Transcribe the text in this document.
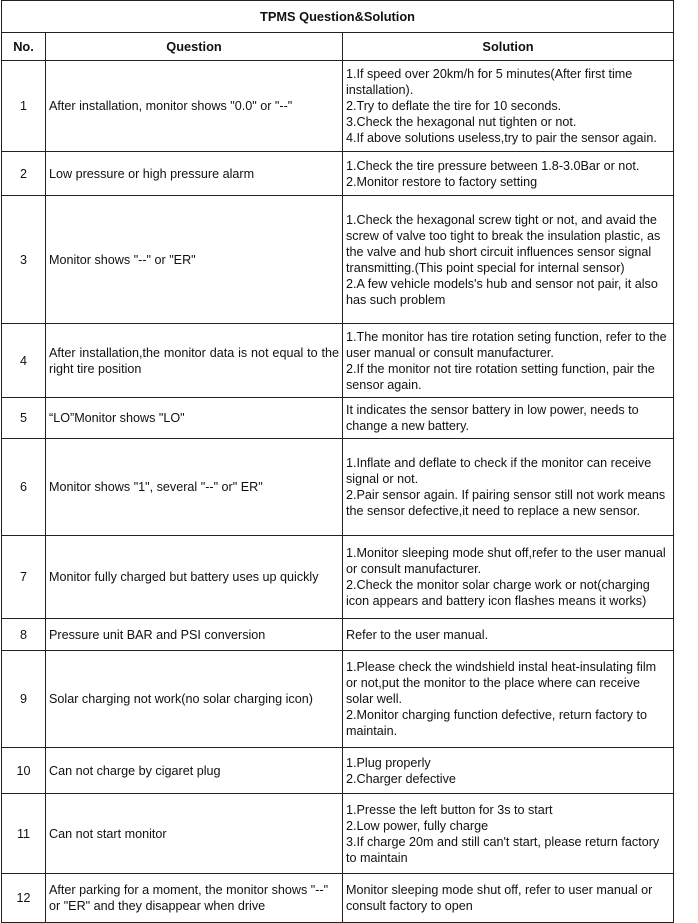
TPMS Question&Solution		
No.	Question	Solution
1	After installation, monitor shows "0.0" or "--"	1.If speed over 20km/h for 5 minutes(After first time installation).
2.Try to deflate the tire for 10 seconds.
3.Check the hexagonal nut tighten or not.
4.If above solutions useless,try to pair the sensor again.

2	Low pressure or high pressure alarm	1.Check the tire pressure between 1.8-3.0Bar or not.
2.Monitor restore to factory setting

3	Monitor shows "--" or "ER"	1.Check the hexagonal screw tight or not, and avaid the screw of valve too tight to break the insulation plastic, as the valve and hub short circuit influences sensor signal transmitting.(This point special for internal sensor)
2.A few vehicle models's hub and sensor not pair, it also has such problem

4	After installation,the monitor data is not equal to the right tire position	1.The monitor has tire rotation seting function, refer to the user manual or consult manufacturer.
2.If the monitor not tire rotation setting function, pair the sensor again.

5	“LO”Monitor shows "LO"	It indicates the sensor battery in low power, needs to change a new battery.

6	Monitor shows "1", several "--" or" ER"	1.Inflate and deflate to check if the monitor can receive signal or not.
2.Pair sensor again. If pairing sensor still not work means the sensor defective,it need to replace a new sensor.

7	Monitor fully charged but battery uses up quickly	1.Monitor sleeping mode shut off,refer to the user manual or consult manufacturer.
2.Check the monitor solar charge work or not(charging icon appears and battery icon flashes means it works)

8	Pressure unit BAR and PSI conversion	Refer to the user manual.

9	Solar charging not work(no solar charging icon)	1.Please check the windshield instal heat-insulating film or not,put the monitor to the place where can receive solar well.
2.Monitor charging function defective, return factory to maintain.

10	Can not charge by cigaret plug	1.Plug properly
2.Charger defective

11	Can not start monitor	1.Presse the left button for 3s to start
2.Low power, fully charge
3.If charge 20m and still can't start, please return factory to maintain

12	After parking for a moment, the monitor shows "--" or "ER" and they disappear when drive	Monitor sleeping mode shut off, refer to user manual or consult factory to open
